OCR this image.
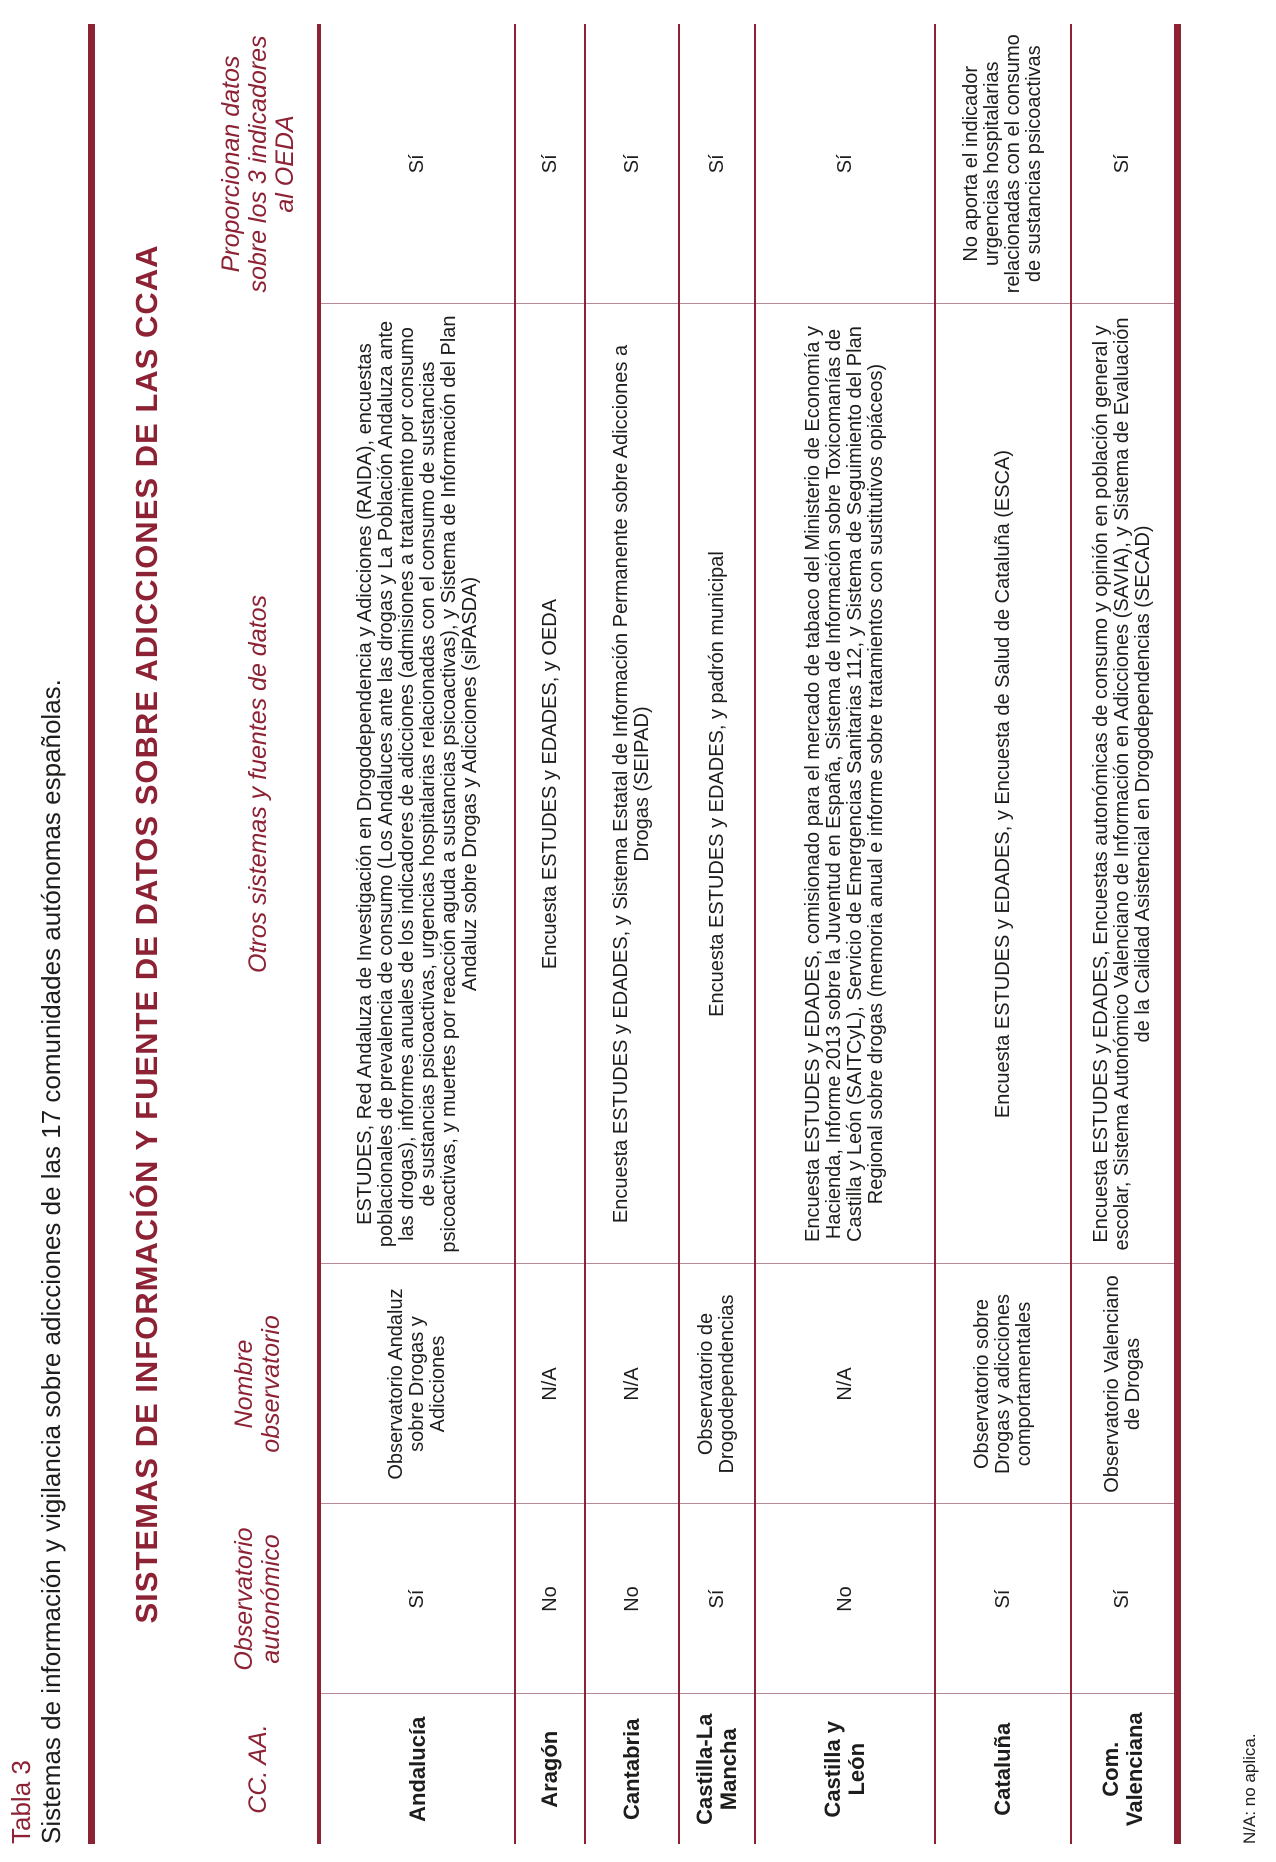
Tabla 3 Sistemas de información y vigilancia sobre adicciones de las 17 comunidades autónomas españolas. SISTEMAS DE INFORMACIÓN Y FUENTE DE DATOS SOBRE ADICCIONES DE LAS CCAA				
CC. AA.	Observatorio autonómico	Nombre observatorio	Otros sistemas y fuentes de datos	Proporcionan datos sobre los 3 indicadores al OEDA
Andalucía	Sí	Observatorio Andaluz sobre Drogas y Adicciones	ESTUDES, Red Andaluza de Investigación en Drogodependencia y Adicciones (RAIDA), encuestas poblacionales de prevalencia de consumo (Los Andaluces ante las drogas y La Población Andaluza ante las drogas), informes anuales de los indicadores de adicciones (admisiones a tratamiento por consumo de sustancias psicoactivas, urgencias hospitalarias relacionadas con el consumo de sustancias psicoactivas, y muertes por reacción aguda a sustancias psicoactivas), y Sistema de Información del Plan Andaluz sobre Drogas y Adicciones (siPASDA)	Sí
Aragón	No	N/A	Encuesta ESTUDES y EDADES, y OEDA	Sí
Cantabria	No	N/A	Encuesta ESTUDES y EDADES, y Sistema Estatal de Información Permanente sobre Adicciones a Drogas (SEIPAD)	Sí
Castilla-La Mancha	Sí	Observatorio de Drogodependencias	Encuesta ESTUDES y EDADES, y padrón municipal	Sí
Castilla y León	No	N/A	Encuesta ESTUDES y EDADES, comisionado para el mercado de tabaco del Ministerio de Economía y Hacienda, Informe 2013 sobre la Juventud en España, Sistema de Información sobre Toxicomanías de Castilla y León (SAITCyL), Servicio de Emergencias Sanitarias 112, y Sistema de Seguimiento del Plan Regional sobre drogas (memoria anual e informe sobre tratamientos con sustitutivos opiáceos)	Sí
Cataluña	Sí	Observatorio sobre Drogas y adicciones comportamentales	Encuesta ESTUDES y EDADES, y Encuesta de Salud de Cataluña (ESCA)	No aporta el indicador urgencias hospitalarias relacionadas con el consumo de sustancias psicoactivas
Com. Valenciana	Sí	Observatorio Valenciano de Drogas	Encuesta ESTUDES y EDADES, Encuestas autonómicas de consumo y opinión en población general y escolar, Sistema Autonómico Valenciano de Información en Adicciones (SAVIA), y Sistema de Evaluación de la Calidad Asistencial en Drogodependencias (SECAD)	Sí
N/A: no aplica.
